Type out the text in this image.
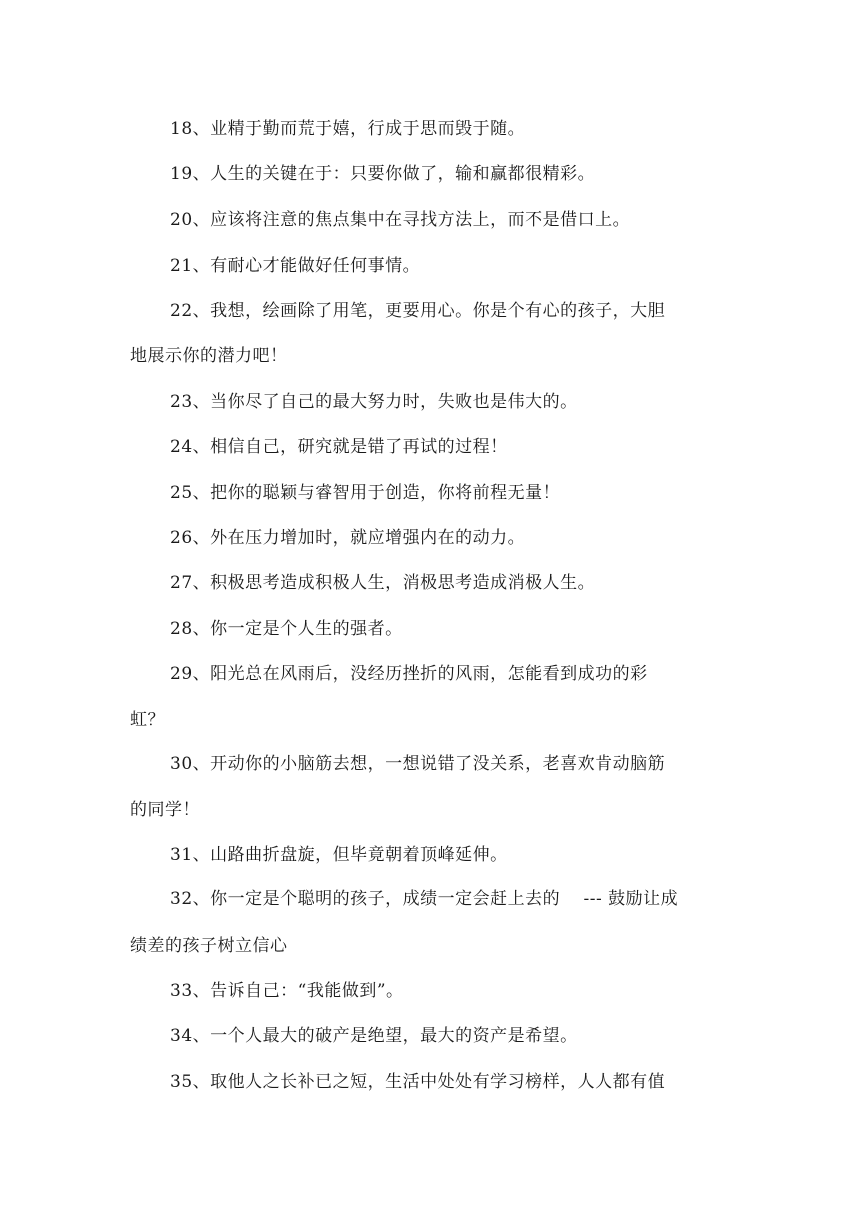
18、业精于勤而荒于嬉，行成于思而毁于随。
19、人生的关键在于：只要你做了，输和赢都很精彩。
20、应该将注意的焦点集中在寻找方法上，而不是借口上。
21、有耐心才能做好任何事情。
22、我想，绘画除了用笔，更要用心。你是个有心的孩子，大胆
地展示你的潜力吧！
23、当你尽了自己的最大努力时，失败也是伟大的。
24、相信自己，研究就是错了再试的过程！
25、把你的聪颖与睿智用于创造，你将前程无量！
26、外在压力增加时，就应增强内在的动力。
27、积极思考造成积极人生，消极思考造成消极人生。
28、你一定是个人生的强者。
29、阳光总在风雨后，没经历挫折的风雨，怎能看到成功的彩
虹？
30、开动你的小脑筋去想，一想说错了没关系，老喜欢肯动脑筋
的同学！
31、山路曲折盘旋，但毕竟朝着顶峰延伸。
32、你一定是个聪明的孩子，成绩一定会赶上去的　 --- 鼓励让成
绩差的孩子树立信心
33、告诉自己：“我能做到”。
34、一个人最大的破产是绝望，最大的资产是希望。
35、取他人之长补已之短，生活中处处有学习榜样，人人都有值
